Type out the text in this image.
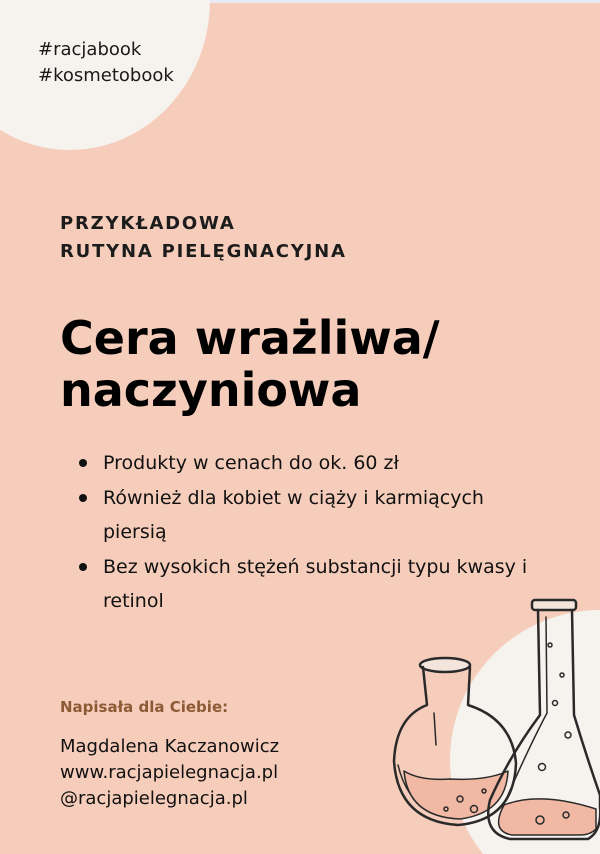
#racjabook
#kosmetobook
PRZYKŁADOWA
RUTYNA PIELĘGNACYJNA
Cera wrażliwa/
naczyniowa
Produkty w cenach do ok. 60 zł
Również dla kobiet w ciąży i karmiących piersią
Bez wysokich stężeń substancji typu kwasy i retinol
Napisała dla Ciebie:
Magdalena Kaczanowicz
www.racjapielegnacja.pl
@racjapielegnacja.pl
